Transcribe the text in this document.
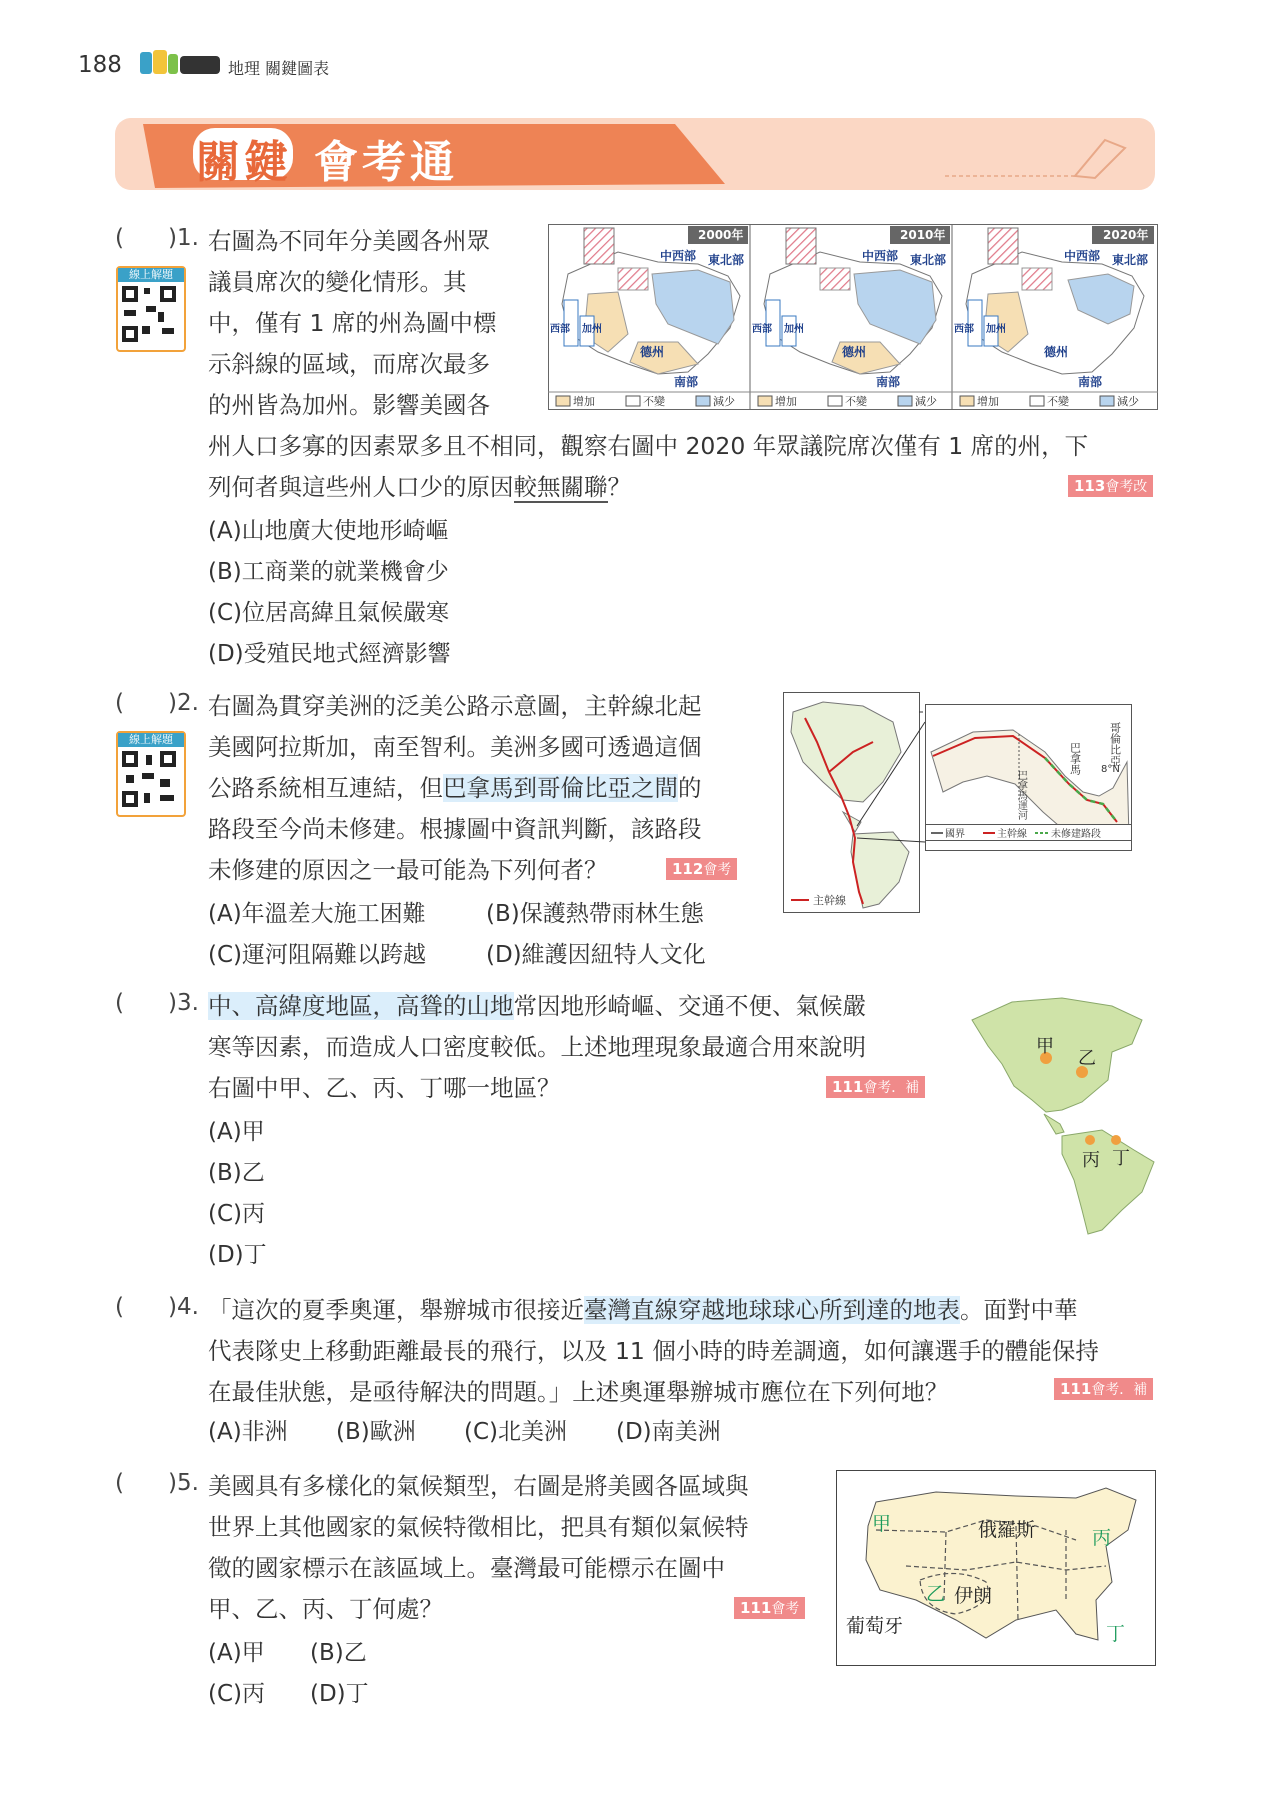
188	地理 關鍵圖表
關鍵 會考通
( )1.
線上解題
右圖為不同年分美國各州眾
議員席次的變化情形。其
中，僅有 1 席的州為圖中標
示斜線的區域，而席次最多
的州皆為加州。影響美國各
州人口多寡的因素眾多且不相同，觀察右圖中 2020 年眾議院席次僅有 1 席的州，下
列何者與這些州人口少的原因較無關聯？	113會考改
(A)山地廣大使地形崎嶇
(B)工商業的就業機會少
(C)位居高緯且氣候嚴寒
(D)受殖民地式經濟影響
2000年
中西部 東北部
西部 加州
德州
南部
2010年
中西部 東北部
西部 加州
德州
南部
2020年
中西部 東北部
西部 加州
德州
南部
增加	不變	減少	增加	不變	減少	增加	不變	減少
( )2.
線上解題
右圖為貫穿美洲的泛美公路示意圖，主幹線北起
美國阿拉斯加，南至智利。美洲多國可透過這個
公路系統相互連結，但巴拿馬到哥倫比亞之間的
路段至今尚未修建。根據圖中資訊判斷，該路段
未修建的原因之一最可能為下列何者？	112會考
(A)年溫差大施工困難	(B)保護熱帶雨林生態
(C)運河阻隔難以跨越	(D)維護因紐特人文化
主幹線
巴拿馬運河
巴拿馬 哥倫比亞
8°N
國界	主幹線 未修建路段
( )3. 中、高緯度地區，高聳的山地常因地形崎嶇、交通不便、氣候嚴
寒等因素，而造成人口密度較低。上述地理現象最適合用來說明
右圖中甲、乙、丙、丁哪一地區？	111會考．補
(A)甲
(B)乙
(C)丙
(D)丁
甲
乙
丙 丁
( )4. 「這次的夏季奧運，舉辦城市很接近臺灣直線穿越地球球心所到達的地表。面對中華
代表隊史上移動距離最長的飛行，以及 11 個小時的時差調適，如何讓選手的體能保持
在最佳狀態，是亟待解決的問題。」上述奧運舉辦城市應位在下列何地？	111會考．補
(A)非洲 (B)歐洲 (C)北美洲 (D)南美洲
( )5. 美國具有多樣化的氣候類型，右圖是將美國各區域與
世界上其他國家的氣候特徵相比，把具有類似氣候特
徵的國家標示在該區域上。臺灣最可能標示在圖中
甲、乙、丙、丁何處？	111會考
(A)甲 (B)乙
(C)丙 (D)丁
甲	俄羅斯	丙
乙 伊朗
葡萄牙	丁
